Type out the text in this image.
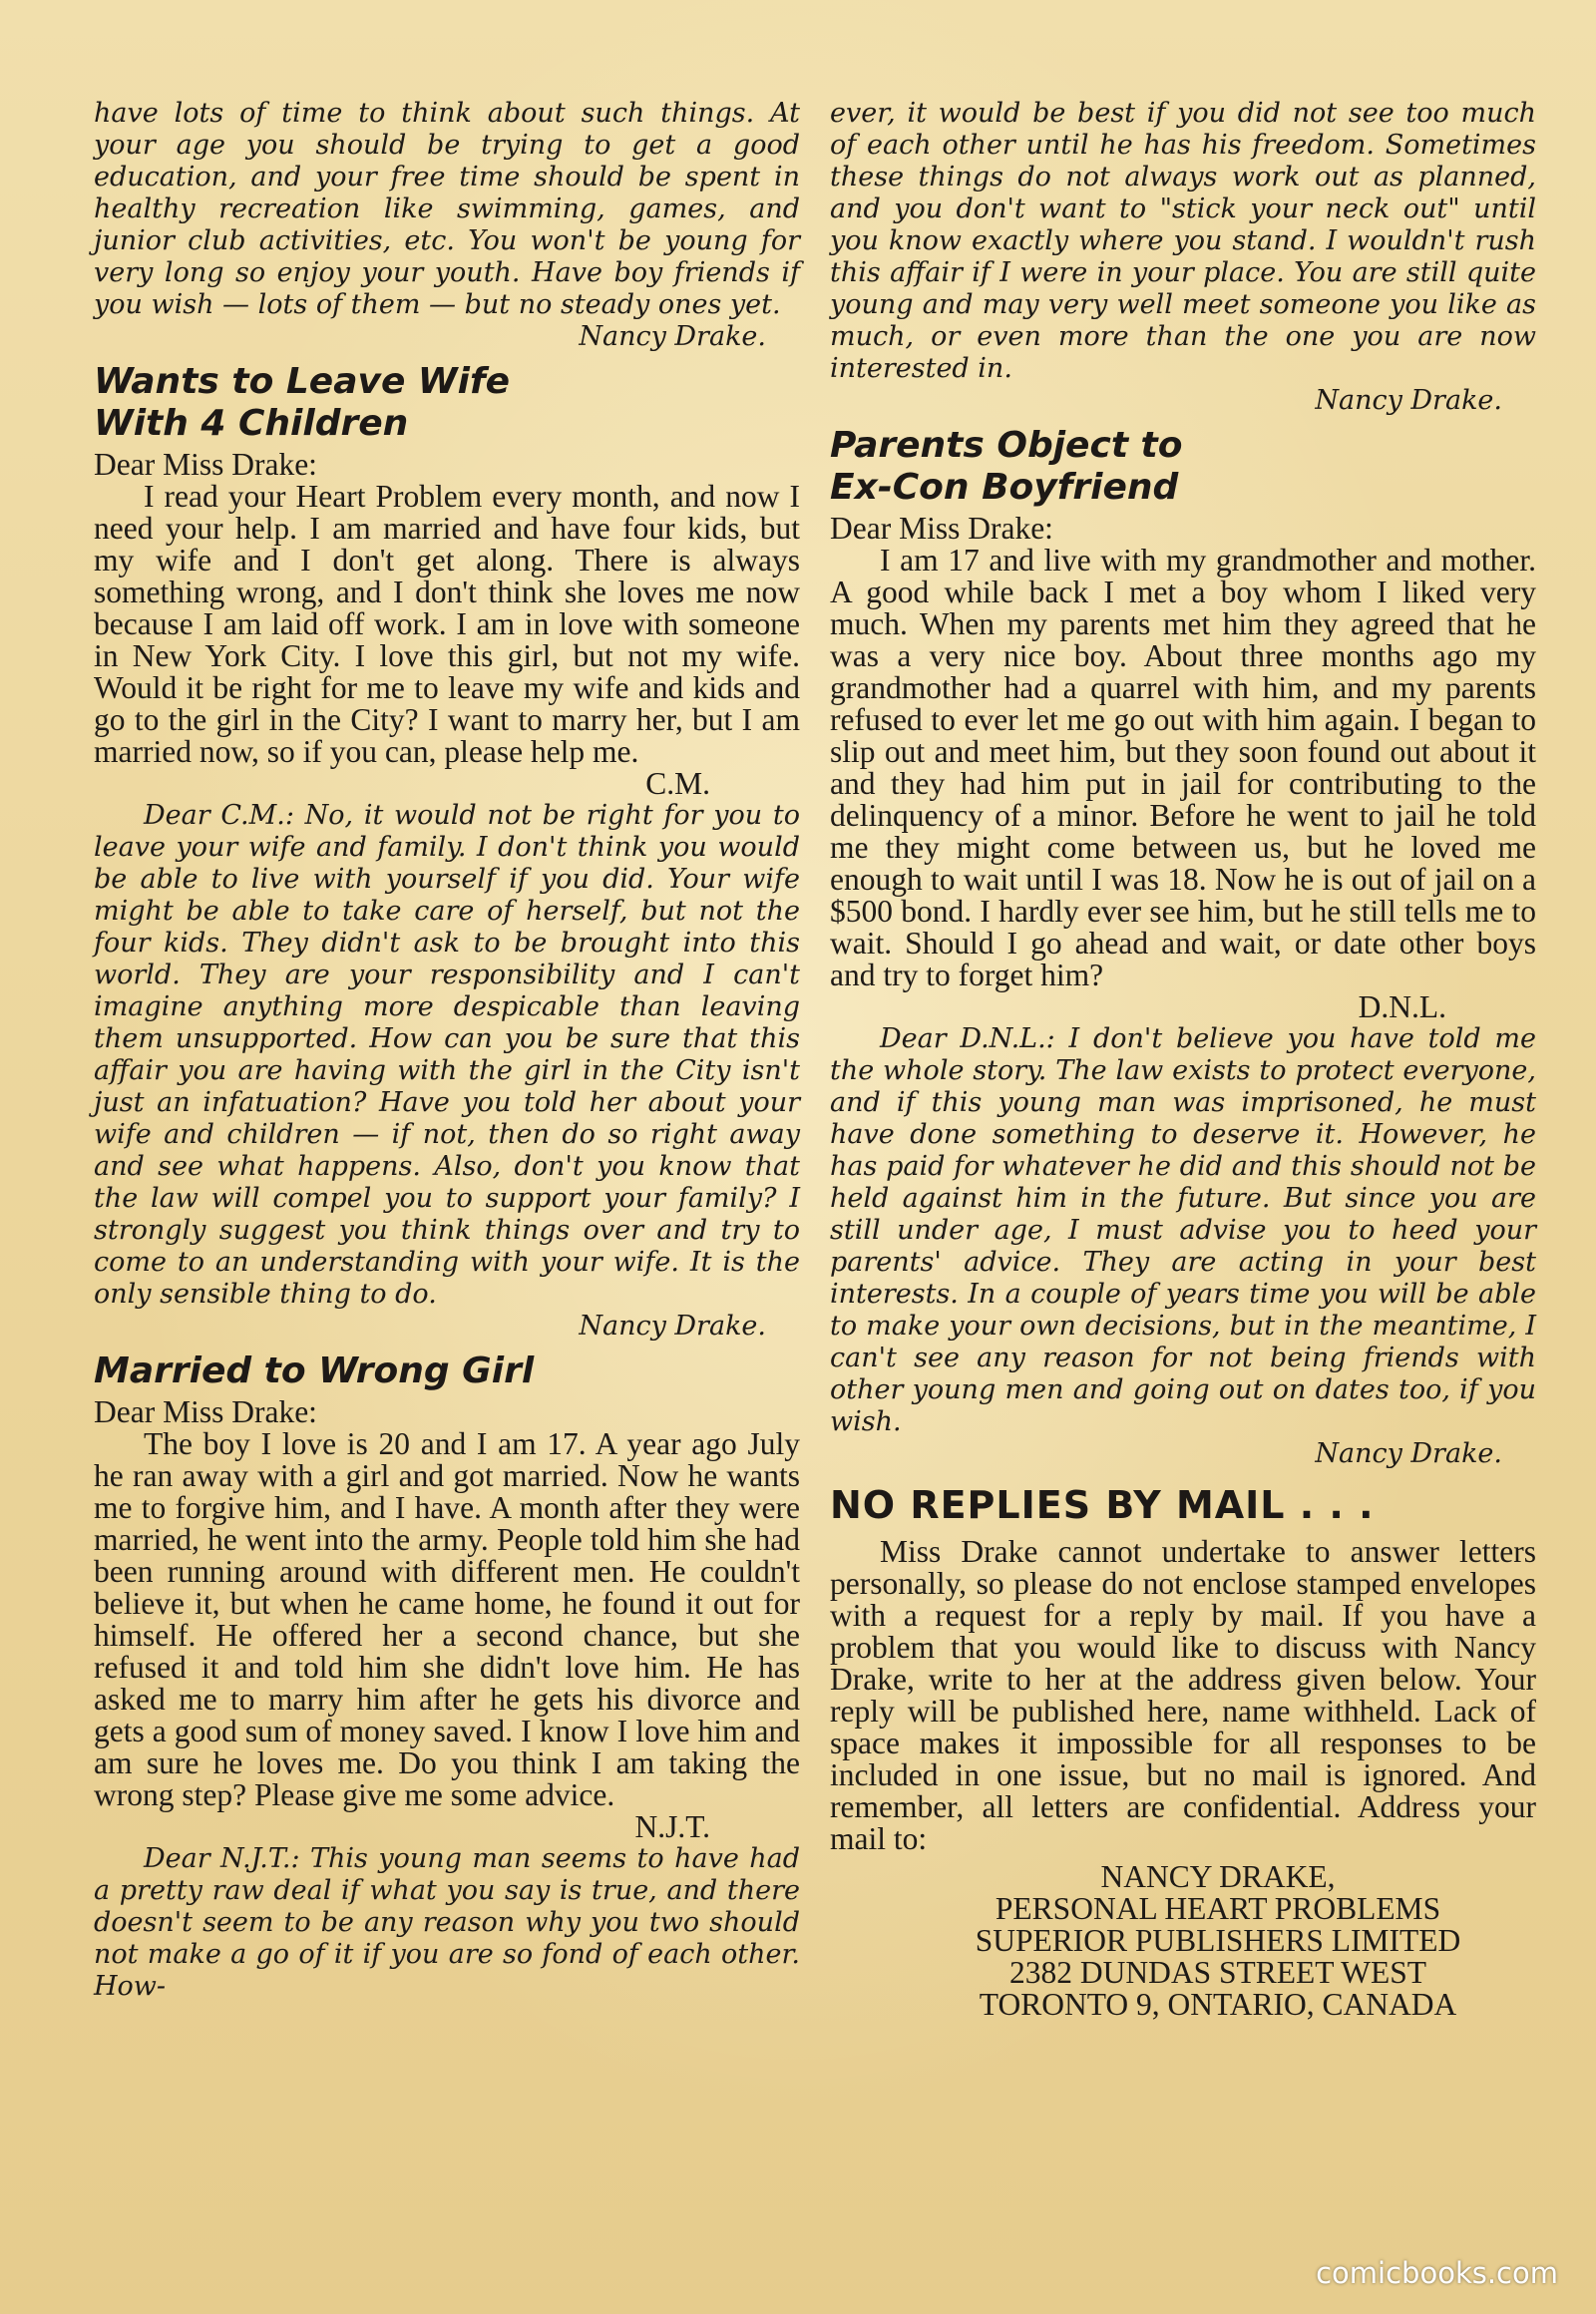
have lots of time to think about such things. At your age you should be trying to get a good education, and your free time should be spent in healthy recreation like swimming, games, and junior club activities, etc. You won't be young for very long so enjoy your youth. Have boy friends if you wish — lots of them — but no steady ones yet.

Nancy Drake.

Wants to Leave Wife
With 4 Children

Dear Miss Drake:

I read your Heart Problem every month, and now I need your help. I am married and have four kids, but my wife and I don't get along. There is always something wrong, and I don't think she loves me now because I am laid off work. I am in love with someone in New York City. I love this girl, but not my wife. Would it be right for me to leave my wife and kids and go to the girl in the City? I want to marry her, but I am married now, so if you can, please help me.

C.M.

Dear C.M.: No, it would not be right for you to leave your wife and family. I don't think you would be able to live with yourself if you did. Your wife might be able to take care of herself, but not the four kids. They didn't ask to be brought into this world. They are your responsibility and I can't imagine anything more despicable than leaving them unsupported. How can you be sure that this affair you are having with the girl in the City isn't just an infatuation? Have you told her about your wife and children — if not, then do so right away and see what happens. Also, don't you know that the law will compel you to support your family? I strongly suggest you think things over and try to come to an understanding with your wife. It is the only sensible thing to do.

Nancy Drake.

Married to Wrong Girl

Dear Miss Drake:

The boy I love is 20 and I am 17. A year ago July he ran away with a girl and got married. Now he wants me to forgive him, and I have. A month after they were married, he went into the army. People told him she had been running around with different men. He couldn't believe it, but when he came home, he found it out for himself. He offered her a second chance, but she refused it and told him she didn't love him. He has asked me to marry him after he gets his divorce and gets a good sum of money saved. I know I love him and am sure he loves me. Do you think I am taking the wrong step? Please give me some advice.

N.J.T.

Dear N.J.T.: This young man seems to have had a pretty raw deal if what you say is true, and there doesn't seem to be any reason why you two should not make a go of it if you are so fond of each other. How-

ever, it would be best if you did not see too much of each other until he has his freedom. Sometimes these things do not always work out as planned, and you don't want to "stick your neck out" until you know exactly where you stand. I wouldn't rush this affair if I were in your place. You are still quite young and may very well meet someone you like as much, or even more than the one you are now interested in.

Nancy Drake.

Parents Object to
Ex-Con Boyfriend

Dear Miss Drake:

I am 17 and live with my grandmother and mother. A good while back I met a boy whom I liked very much. When my parents met him they agreed that he was a very nice boy. About three months ago my grandmother had a quarrel with him, and my parents refused to ever let me go out with him again. I began to slip out and meet him, but they soon found out about it and they had him put in jail for contributing to the delinquency of a minor. Before he went to jail he told me they might come between us, but he loved me enough to wait until I was 18. Now he is out of jail on a $500 bond. I hardly ever see him, but he still tells me to wait. Should I go ahead and wait, or date other boys and try to forget him?

D.N.L.

Dear D.N.L.: I don't believe you have told me the whole story. The law exists to protect everyone, and if this young man was imprisoned, he must have done something to deserve it. However, he has paid for whatever he did and this should not be held against him in the future. But since you are still under age, I must advise you to heed your parents' advice. They are acting in your best interests. In a couple of years time you will be able to make your own decisions, but in the meantime, I can't see any reason for not being friends with other young men and going out on dates too, if you wish.

Nancy Drake.

NO REPLIES BY MAIL . . .

Miss Drake cannot undertake to answer letters personally, so please do not enclose stamped envelopes with a request for a reply by mail. If you have a problem that you would like to discuss with Nancy Drake, write to her at the address given below. Your reply will be published here, name withheld. Lack of space makes it impossible for all responses to be included in one issue, but no mail is ignored. And remember, all letters are confidential. Address your mail to:

NANCY DRAKE,
PERSONAL HEART PROBLEMS
SUPERIOR PUBLISHERS LIMITED
2382 DUNDAS STREET WEST
TORONTO 9, ONTARIO, CANADA
comicbooks.com
